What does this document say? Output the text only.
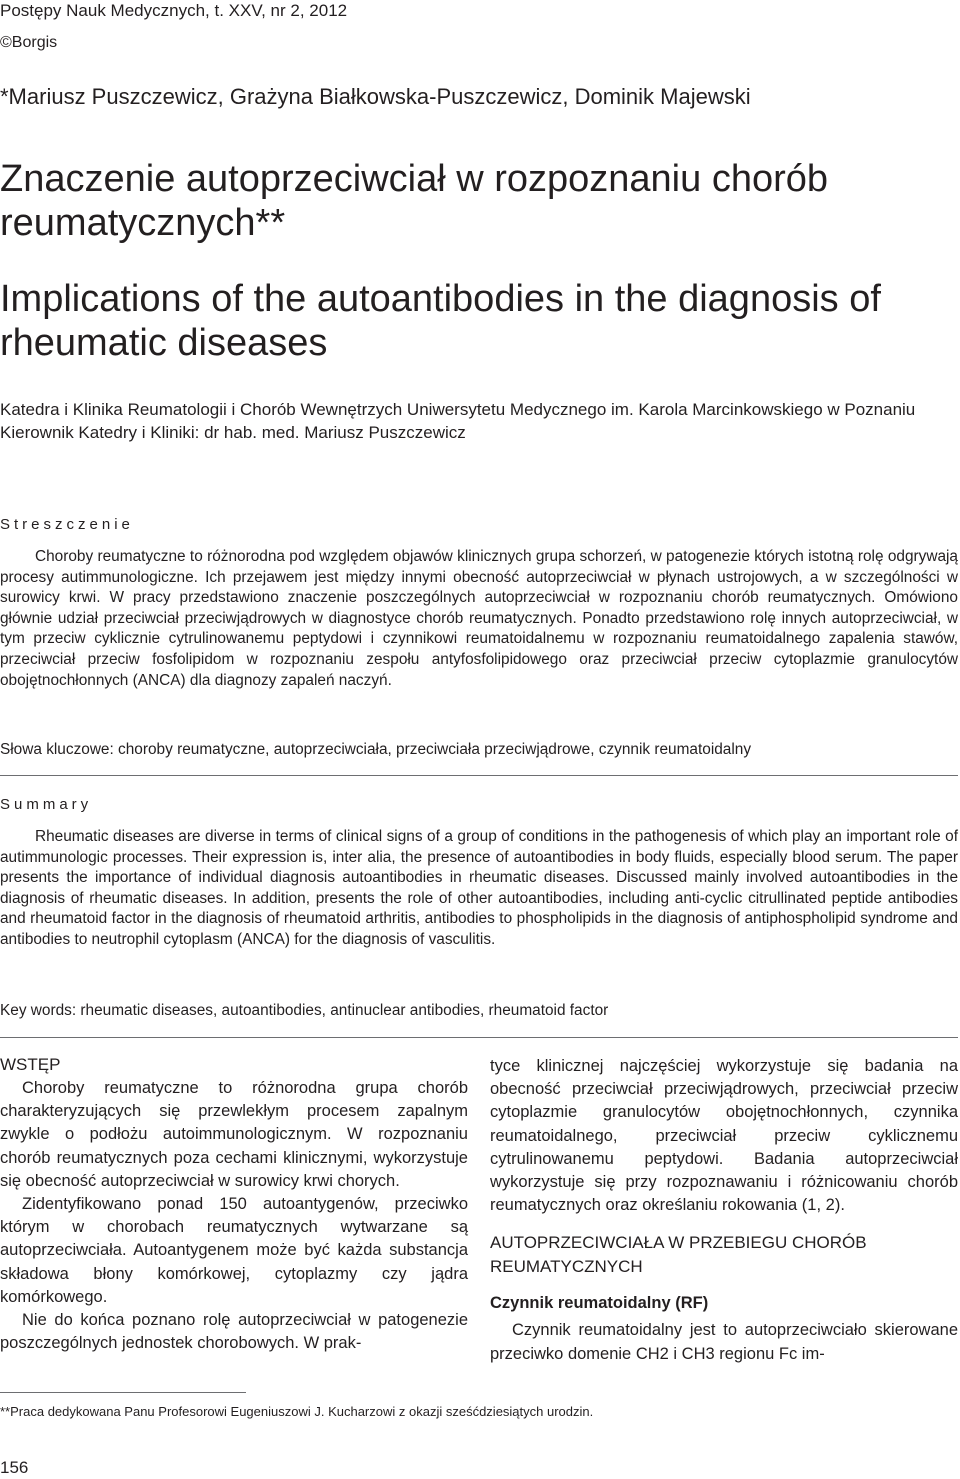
Postępy Nauk Medycznych, t. XXV, nr 2, 2012
©Borgis
*Mariusz Puszczewicz, Grażyna Białkowska-Puszczewicz, Dominik Majewski
Znaczenie autoprzeciwciał w rozpoznaniu chorób reumatycznych**
Implications of the autoantibodies in the diagnosis of rheumatic diseases
Katedra i Klinika Reumatologii i Chorób Wewnętrzych Uniwersytetu Medycznego im. Karola Marcinkowskiego w Poznaniu
Kierownik Katedry i Kliniki: dr hab. med. Mariusz Puszczewicz
Streszczenie
Choroby reumatyczne to różnorodna pod względem objawów klinicznych grupa schorzeń, w patogenezie których istotną rolę odgrywają procesy autimmunologiczne. Ich przejawem jest między innymi obecność autoprzeciwciał w płynach ustrojowych, a w szczególności w surowicy krwi. W pracy przedstawiono znaczenie poszczególnych autoprzeciwciał w rozpoznaniu chorób reumatycznych. Omówiono głównie udział przeciwciał przeciwjądrowych w diagnostyce chorób reumatycznych. Ponadto przedstawiono rolę innych autoprzeciwciał, w tym przeciw cyklicznie cytrulinowanemu peptydowi i czynnikowi reumatoidalnemu w rozpoznaniu reumatoidalnego zapalenia stawów, przeciwciał przeciw fosfolipidom w rozpoznaniu zespołu antyfosfolipidowego oraz przeciwciał przeciw cytoplazmie granulocytów obojętnochłonnych (ANCA) dla diagnozy zapaleń naczyń.
Słowa kluczowe: choroby reumatyczne, autoprzeciwciała, przeciwciała przeciwjądrowe, czynnik reumatoidalny
Summary
Rheumatic diseases are diverse in terms of clinical signs of a group of conditions in the pathogenesis of which play an important role of autimmunologic processes. Their expression is, inter alia, the presence of autoantibodies in body fluids, especially blood serum. The paper presents the importance of individual diagnosis autoantibodies in rheumatic diseases. Discussed mainly involved autoantibodies in the diagnosis of rheumatic diseases. In addition, presents the role of other autoantibodies, including anti-cyclic citrullinated peptide antibodies and rheumatoid factor in the diagnosis of rheumatoid arthritis, antibodies to phospholipids in the diagnosis of antiphospholipid syndrome and antibodies to neutrophil cytoplasm (ANCA) for the diagnosis of vasculitis.
Key words: rheumatic diseases, autoantibodies, antinuclear antibodies, rheumatoid factor
WSTĘP

Choroby reumatyczne to różnorodna grupa chorób charakteryzujących się przewlekłym procesem zapalnym zwykle o podłożu autoimmunologicznym. W rozpoznaniu chorób reumatycznych poza cechami klinicznymi, wykorzystuje się obecność autoprzeciwciał w surowicy krwi chorych.

Zidentyfikowano ponad 150 autoantygenów, przeciwko którym w chorobach reumatycznych wytwarzane są autoprzeciwciała. Autoantygenem może być każda substancja składowa błony komórkowej, cytoplazmy czy jądra komórkowego.

Nie do końca poznano rolę autoprzeciwciał w patogenezie poszczególnych jednostek chorobowych. W prak-

tyce klinicznej najczęściej wykorzystuje się badania na obecność przeciwciał przeciwjądrowych, przeciwciał przeciw cytoplazmie granulocytów obojętnochłonnych, czynnika reumatoidalnego, przeciwciał przeciw cyklicznemu cytrulinowanemu peptydowi. Badania autoprzeciwciał wykorzystuje się przy rozpoznawaniu i różnicowaniu chorób reumatycznych oraz określaniu rokowania (1, 2).

AUTOPRZECIWCIAŁA W PRZEBIEGU CHORÓB REUMATYCZNYCH
Czynnik reumatoidalny (RF)

Czynnik reumatoidalny jest to autoprzeciwciało skierowane przeciwko domenie CH2 i CH3 regionu Fc im-

**Praca dedykowana Panu Profesorowi Eugeniuszowi J. Kucharzowi z okazji sześćdziesiątych urodzin.
156
